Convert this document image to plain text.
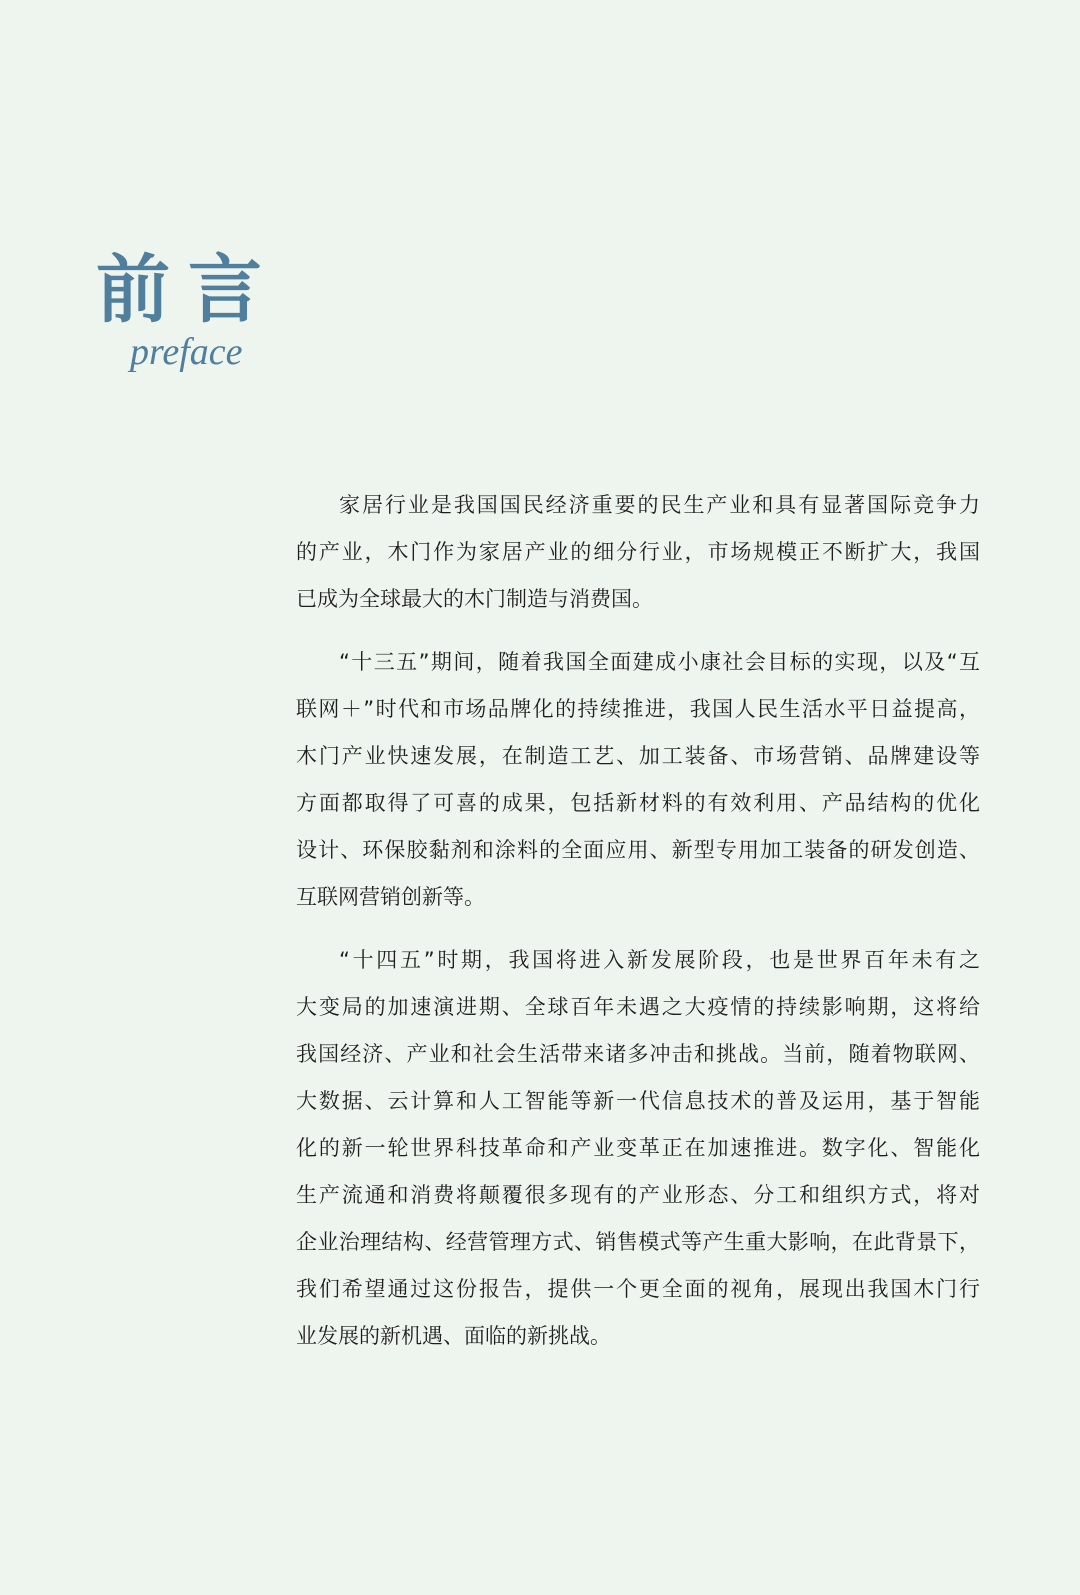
前言
preface

家居行业是我国国民经济重要的民生产业和具有显著国际竞争力
的产业，木门作为家居产业的细分行业，市场规模正不断扩大，我国
已成为全球最大的木门制造与消费国。

“十三五”期间，随着我国全面建成小康社会目标的实现，以及“互
联网＋”时代和市场品牌化的持续推进，我国人民生活水平日益提高，
木门产业快速发展，在制造工艺、加工装备、市场营销、品牌建设等
方面都取得了可喜的成果，包括新材料的有效利用、产品结构的优化
设计、环保胶黏剂和涂料的全面应用、新型专用加工装备的研发创造、
互联网营销创新等。

“十四五”时期，我国将进入新发展阶段，也是世界百年未有之
大变局的加速演进期、全球百年未遇之大疫情的持续影响期，这将给
我国经济、产业和社会生活带来诸多冲击和挑战。当前，随着物联网、
大数据、云计算和人工智能等新一代信息技术的普及运用，基于智能
化的新一轮世界科技革命和产业变革正在加速推进。数字化、智能化
生产流通和消费将颠覆很多现有的产业形态、分工和组织方式，将对
企业治理结构、经营管理方式、销售模式等产生重大影响，在此背景下，
我们希望通过这份报告，提供一个更全面的视角，展现出我国木门行
业发展的新机遇、面临的新挑战。
